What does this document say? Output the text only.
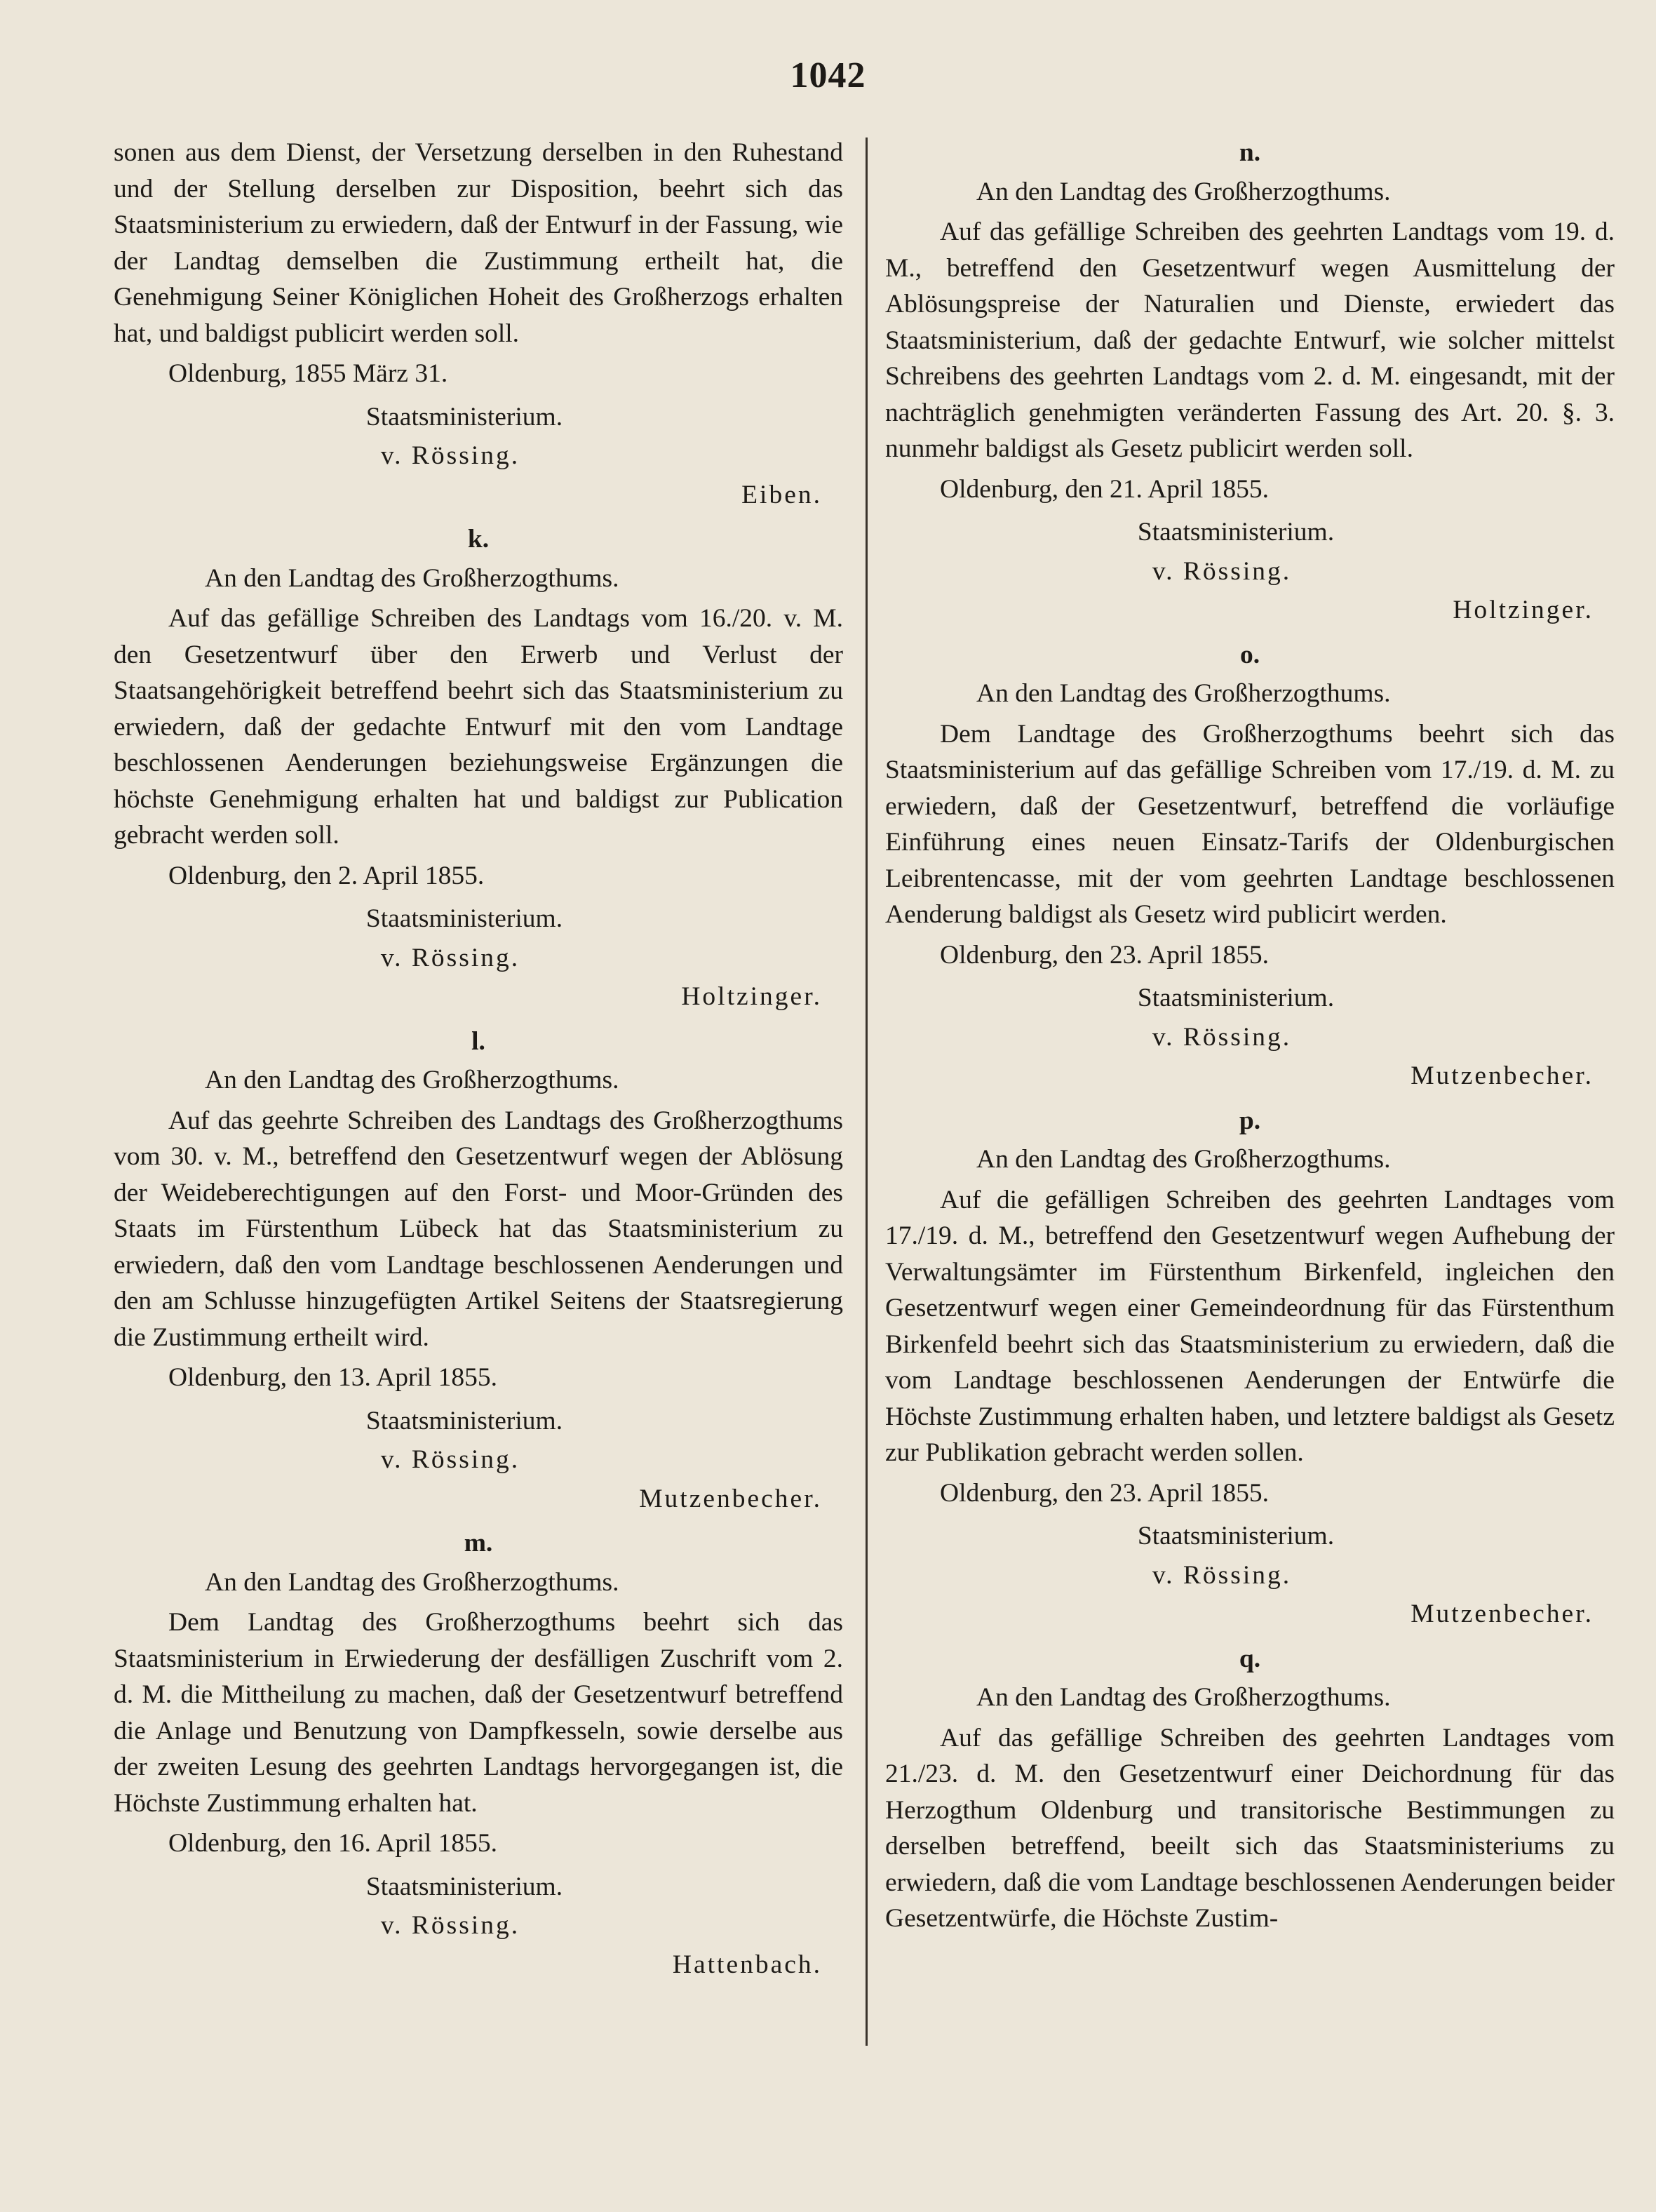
1042

sonen aus dem Dienst, der Versetzung derselben in den Ruhestand und der Stellung derselben zur Disposition, beehrt sich das Staatsministerium zu erwiedern, daß der Entwurf in der Fassung, wie der Landtag demselben die Zustimmung ertheilt hat, die Genehmigung Seiner Königlichen Hoheit des Großherzogs erhalten hat, und baldigst publicirt werden soll.

Oldenburg, 1855 März 31.
Staatsministerium.
v. Rössing.
Eiben.
k.
An den Landtag des Großherzogthums.

Auf das gefällige Schreiben des Landtags vom 16./20. v. M. den Gesetzentwurf über den Erwerb und Verlust der Staatsangehörigkeit betreffend beehrt sich das Staatsministerium zu erwiedern, daß der gedachte Entwurf mit den vom Landtage beschlossenen Aenderungen beziehungsweise Ergänzungen die höchste Genehmigung erhalten hat und baldigst zur Publication gebracht werden soll.

Oldenburg, den 2. April 1855.
Staatsministerium.
v. Rössing.
Holtzinger.
l.
An den Landtag des Großherzogthums.

Auf das geehrte Schreiben des Landtags des Großherzogthums vom 30. v. M., betreffend den Gesetzentwurf wegen der Ablösung der Weideberechtigungen auf den Forst- und Moor-Gründen des Staats im Fürstenthum Lübeck hat das Staatsministerium zu erwiedern, daß den vom Landtage beschlossenen Aenderungen und den am Schlusse hinzugefügten Artikel Seitens der Staatsregierung die Zustimmung ertheilt wird.

Oldenburg, den 13. April 1855.
Staatsministerium.
v. Rössing.
Mutzenbecher.
m.
An den Landtag des Großherzogthums.

Dem Landtag des Großherzogthums beehrt sich das Staatsministerium in Erwiederung der desfälligen Zuschrift vom 2. d. M. die Mittheilung zu machen, daß der Gesetzentwurf betreffend die Anlage und Benutzung von Dampfkesseln, sowie derselbe aus der zweiten Lesung des geehrten Landtags hervorgegangen ist, die Höchste Zustimmung erhalten hat.

Oldenburg, den 16. April 1855.
Staatsministerium.
v. Rössing.
Hattenbach.
n.
An den Landtag des Großherzogthums.

Auf das gefällige Schreiben des geehrten Landtags vom 19. d. M., betreffend den Gesetzentwurf wegen Ausmittelung der Ablösungspreise der Naturalien und Dienste, erwiedert das Staatsministerium, daß der gedachte Entwurf, wie solcher mittelst Schreibens des geehrten Landtags vom 2. d. M. eingesandt, mit der nachträglich genehmigten veränderten Fassung des Art. 20. §. 3. nunmehr baldigst als Gesetz publicirt werden soll.

Oldenburg, den 21. April 1855.
Staatsministerium.
v. Rössing.
Holtzinger.
o.
An den Landtag des Großherzogthums.

Dem Landtage des Großherzogthums beehrt sich das Staatsministerium auf das gefällige Schreiben vom 17./19. d. M. zu erwiedern, daß der Gesetzentwurf, betreffend die vorläufige Einführung eines neuen Einsatz-Tarifs der Oldenburgischen Leibrentencasse, mit der vom geehrten Landtage beschlossenen Aenderung baldigst als Gesetz wird publicirt werden.

Oldenburg, den 23. April 1855.
Staatsministerium.
v. Rössing.
Mutzenbecher.
p.
An den Landtag des Großherzogthums.

Auf die gefälligen Schreiben des geehrten Landtages vom 17./19. d. M., betreffend den Gesetzentwurf wegen Aufhebung der Verwaltungsämter im Fürstenthum Birkenfeld, ingleichen den Gesetzentwurf wegen einer Gemeindeordnung für das Fürstenthum Birkenfeld beehrt sich das Staatsministerium zu erwiedern, daß die vom Landtage beschlossenen Aenderungen der Entwürfe die Höchste Zustimmung erhalten haben, und letztere baldigst als Gesetz zur Publikation gebracht werden sollen.

Oldenburg, den 23. April 1855.
Staatsministerium.
v. Rössing.
Mutzenbecher.
q.
An den Landtag des Großherzogthums.

Auf das gefällige Schreiben des geehrten Landtages vom 21./23. d. M. den Gesetzentwurf einer Deichordnung für das Herzogthum Oldenburg und transitorische Bestimmungen zu derselben betreffend, beeilt sich das Staatsministeriums zu erwiedern, daß die vom Landtage beschlossenen Aenderungen beider Gesetzentwürfe, die Höchste Zustim-
